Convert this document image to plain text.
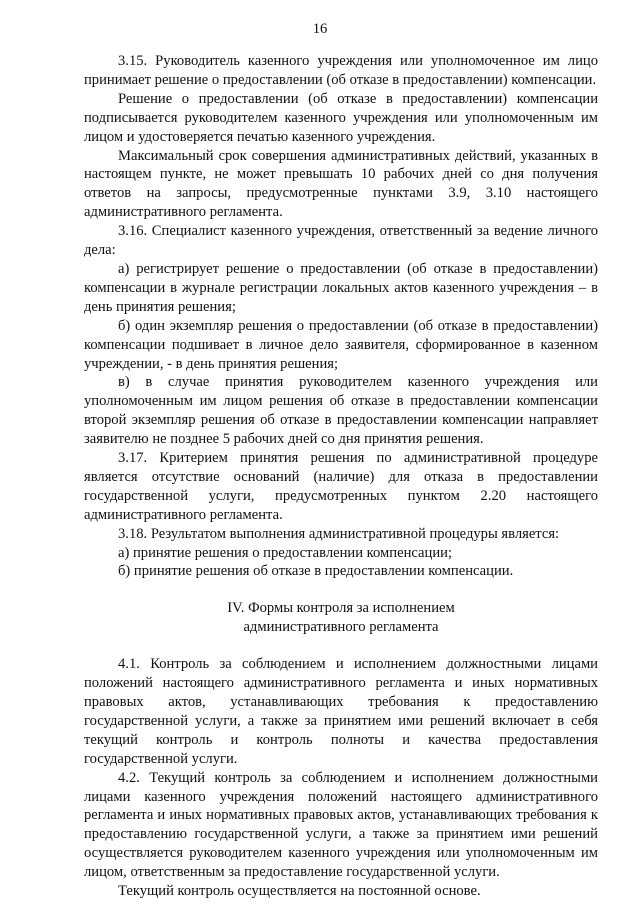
16

3.15. Руководитель казенного учреждения или уполномоченное им лицо принимает решение о предоставлении (об отказе в предоставлении) компенсации.

Решение о предоставлении (об отказе в предоставлении) компенсации подписывается руководителем казенного учреждения или уполномоченным им лицом и удостоверяется печатью казенного учреждения.

Максимальный срок совершения административных действий, указанных в настоящем пункте, не может превышать 10 рабочих дней со дня получения ответов на запросы, предусмотренные пунктами 3.9, 3.10 настоящего административного регламента.

3.16. Специалист казенного учреждения, ответственный за ведение личного дела:

а) регистрирует решение о предоставлении (об отказе в предоставлении) компенсации в журнале регистрации локальных актов казенного учреждения – в день принятия решения;

б) один экземпляр решения о предоставлении (об отказе в предоставлении) компенсации подшивает в личное дело заявителя, сформированное в казенном учреждении, - в день принятия решения;

в) в случае принятия руководителем казенного учреждения или уполномоченным им лицом решения об отказе в предоставлении компенсации второй экземпляр решения об отказе в предоставлении компенсации направляет заявителю не позднее 5 рабочих дней со дня принятия решения.

3.17. Критерием принятия решения по административной процедуре является отсутствие оснований (наличие) для отказа в предоставлении государственной услуги, предусмотренных пунктом 2.20 настоящего административного регламента.

3.18. Результатом выполнения административной процедуры является:

а) принятие решения о предоставлении компенсации;

б) принятие решения об отказе в предоставлении компенсации.

IV. Формы контроля за исполнением

административного регламента

4.1. Контроль за соблюдением и исполнением должностными лицами положений настоящего административного регламента и иных нормативных правовых актов, устанавливающих требования к предоставлению государственной услуги, а также за принятием ими решений включает в себя текущий контроль и контроль полноты и качества предоставления государственной услуги.

4.2. Текущий контроль за соблюдением и исполнением должностными лицами казенного учреждения положений настоящего административного регламента и иных нормативных правовых актов, устанавливающих требования к предоставлению государственной услуги, а также за принятием ими решений осуществляется руководителем казенного учреждения или уполномоченным им лицом, ответственным за предоставление государственной услуги.

Текущий контроль осуществляется на постоянной основе.
